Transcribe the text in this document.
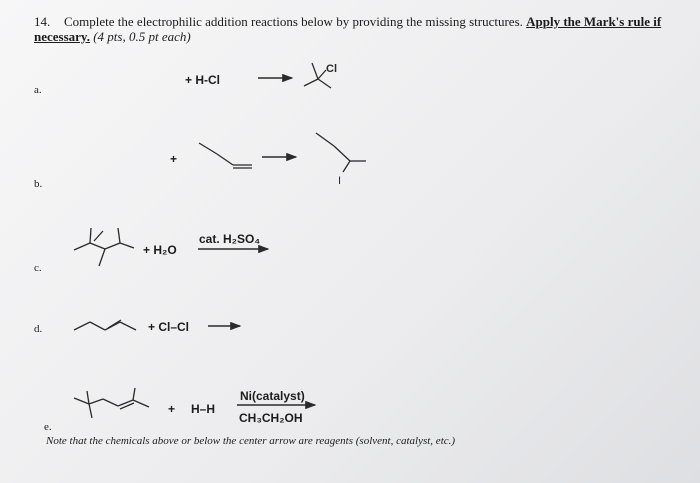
14. Complete the electrophilic addition reactions below by providing the missing structures. Apply the Mark's rule if
necessary. (4 pts, 0.5 pt each)
a.
b.
c.
d.
e.
+ H-Cl
+
+ H₂O
cat. H₂SO₄
+ Cl–Cl
+ H–H
Ni(catalyst)
CH₃CH₂OH
Note that the chemicals above or below the center arrow are reagents (solvent, catalyst, etc.)
Cl
I
